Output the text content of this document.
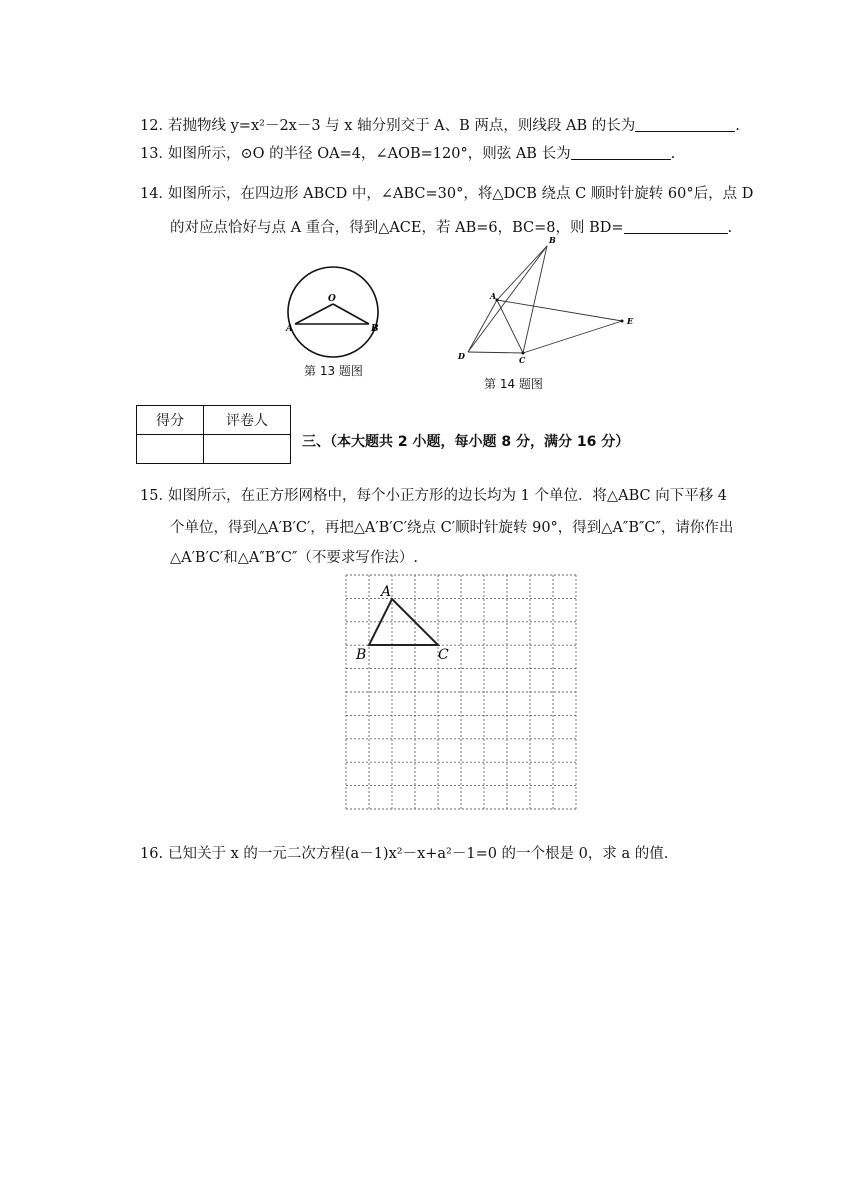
12．若抛物线 y=x²－2x－3 与 x 轴分别交于 A、B 两点，则线段 AB 的长为	.
13．如图所示，⊙O 的半径 OA=4，∠AOB=120°，则弦 AB 长为	.
14．如图所示，在四边形 ABCD 中，∠ABC=30°，将△DCB 绕点 C 顺时针旋转 60°后，点 D
的对应点恰好与点 A 重合，得到△ACE，若 AB=6，BC=8，则 BD=	.
O
A	B
第 13 题图
B
A
E
D	C
第 14 题图
得分	评卷人

三、（本大题共 2 小题，每小题 8 分，满分 16 分）
15．如图所示，在正方形网格中，每个小正方形的边长均为 1 个单位．将△ABC 向下平移 4
个单位，得到△A′B′C′，再把△A′B′C′绕点 C′顺时针旋转 90°，得到△A″B″C″，请你作出
△A′B′C′和△A″B″C″（不要求写作法）.
A
B	C
16. 已知关于 x 的一元二次方程(a－1)x²－x+a²－1=0 的一个根是 0，求 a 的值.
